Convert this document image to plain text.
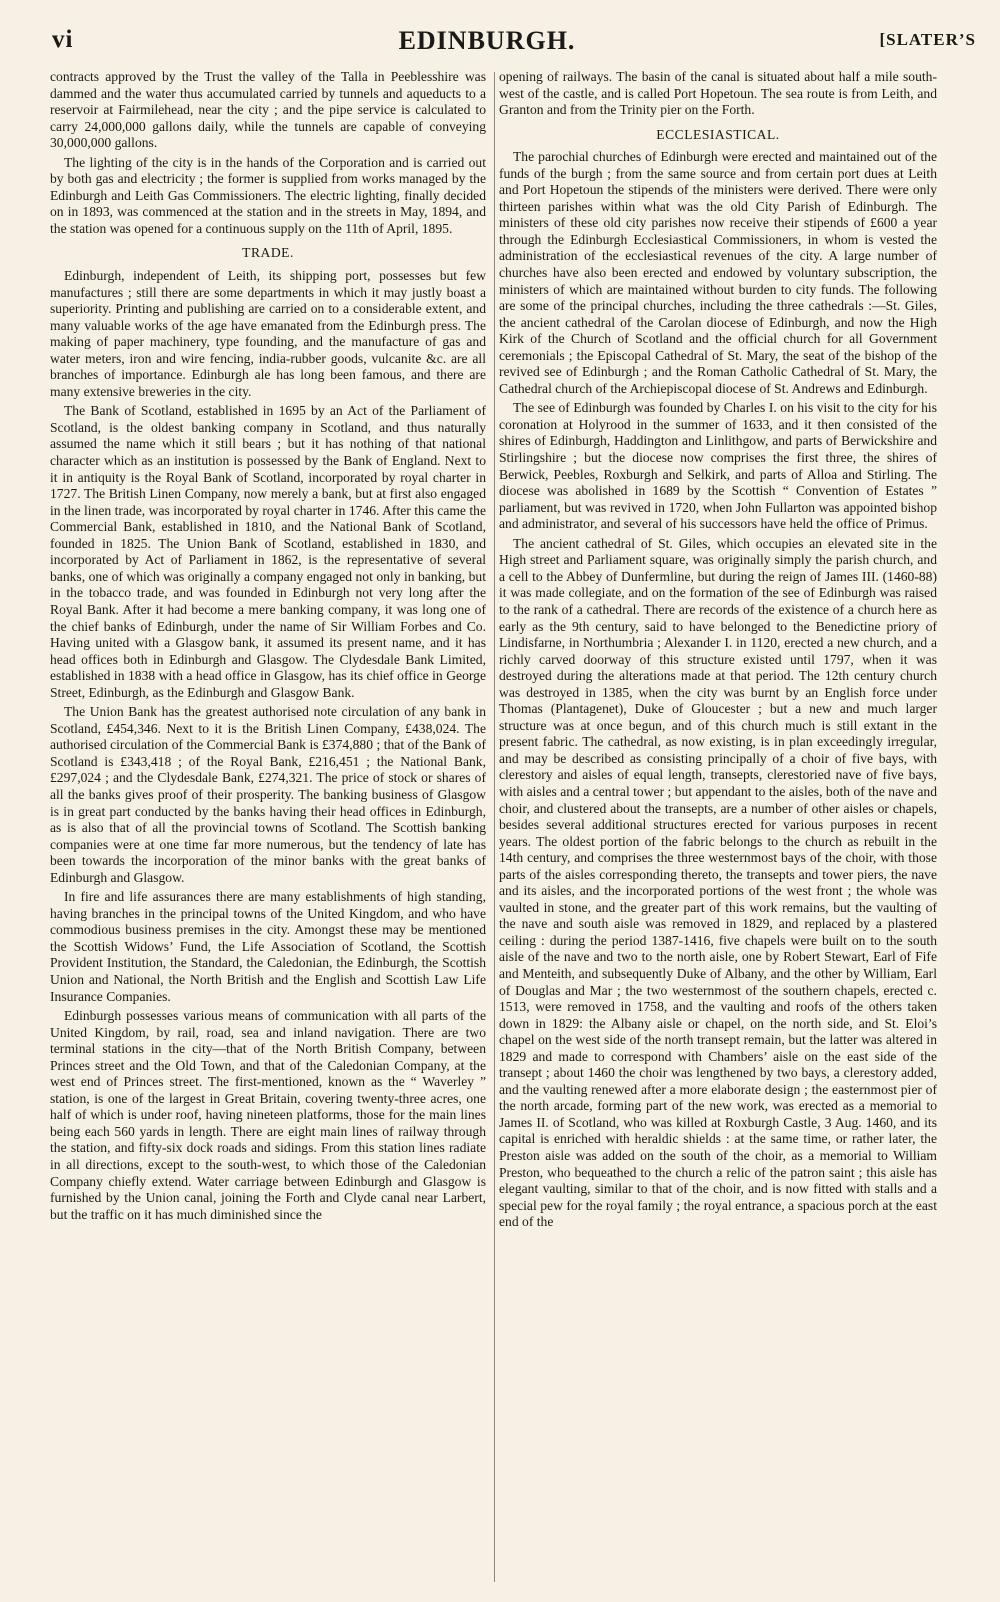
vi	EDINBURGH.	[SLATER’S

contracts approved by the Trust the valley of the Talla in Peeblesshire was dammed and the water thus accumulated carried by tunnels and aqueducts to a reservoir at Fairmilehead, near the city ; and the pipe service is calculated to carry 24,000,000 gallons daily, while the tunnels are capable of conveying 30,000,000 gallons.

The lighting of the city is in the hands of the Corporation and is carried out by both gas and electricity ; the former is supplied from works managed by the Edinburgh and Leith Gas Commissioners. The electric lighting, finally decided on in 1893, was commenced at the station and in the streets in May, 1894, and the station was opened for a continuous supply on the 11th of April, 1895.

TRADE.

Edinburgh, independent of Leith, its shipping port, possesses but few manufactures ; still there are some departments in which it may justly boast a superiority. Printing and publishing are carried on to a considerable extent, and many valuable works of the age have emanated from the Edinburgh press. The making of paper machinery, type founding, and the manufacture of gas and water meters, iron and wire fencing, india-rubber goods, vulcanite &c. are all branches of importance. Edinburgh ale has long been famous, and there are many extensive breweries in the city.

The Bank of Scotland, established in 1695 by an Act of the Parliament of Scotland, is the oldest banking company in Scotland, and thus naturally assumed the name which it still bears ; but it has nothing of that national character which as an institution is possessed by the Bank of England. Next to it in antiquity is the Royal Bank of Scotland, incorporated by royal charter in 1727. The British Linen Company, now merely a bank, but at first also engaged in the linen trade, was incorporated by royal charter in 1746. After this came the Commercial Bank, established in 1810, and the National Bank of Scotland, founded in 1825. The Union Bank of Scotland, established in 1830, and incorporated by Act of Parliament in 1862, is the representative of several banks, one of which was originally a company engaged not only in banking, but in the tobacco trade, and was founded in Edinburgh not very long after the Royal Bank. After it had become a mere banking company, it was long one of the chief banks of Edinburgh, under the name of Sir William Forbes and Co. Having united with a Glasgow bank, it assumed its present name, and it has head offices both in Edinburgh and Glasgow. The Clydesdale Bank Limited, established in 1838 with a head office in Glasgow, has its chief office in George Street, Edinburgh, as the Edinburgh and Glasgow Bank.

The Union Bank has the greatest authorised note circulation of any bank in Scotland, £454,346. Next to it is the British Linen Company, £438,024. The authorised circulation of the Commercial Bank is £374,880 ; that of the Bank of Scotland is £343,418 ; of the Royal Bank, £216,451 ; the National Bank, £297,024 ; and the Clydesdale Bank, £274,321. The price of stock or shares of all the banks gives proof of their prosperity. The banking business of Glasgow is in great part conducted by the banks having their head offices in Edinburgh, as is also that of all the provincial towns of Scotland. The Scottish banking companies were at one time far more numerous, but the tendency of late has been towards the incorporation of the minor banks with the great banks of Edinburgh and Glasgow.

In fire and life assurances there are many establishments of high standing, having branches in the principal towns of the United Kingdom, and who have commodious business premises in the city. Amongst these may be mentioned the Scottish Widows’ Fund, the Life Association of Scotland, the Scottish Provident Institution, the Standard, the Caledonian, the Edinburgh, the Scottish Union and National, the North British and the English and Scottish Law Life Insurance Companies.

Edinburgh possesses various means of communication with all parts of the United Kingdom, by rail, road, sea and inland navigation. There are two terminal stations in the city—that of the North British Company, between Princes street and the Old Town, and that of the Caledonian Company, at the west end of Princes street. The first-mentioned, known as the “ Waverley ” station, is one of the largest in Great Britain, covering twenty-three acres, one half of which is under roof, having nineteen platforms, those for the main lines being each 560 yards in length. There are eight main lines of railway through the station, and fifty-six dock roads and sidings. From this station lines radiate in all directions, except to the south-west, to which those of the Caledonian Company chiefly extend. Water carriage between Edinburgh and Glasgow is furnished by the Union canal, joining the Forth and Clyde canal near Larbert, but the traffic on it has much diminished since the

opening of railways. The basin of the canal is situated about half a mile south-west of the castle, and is called Port Hopetoun. The sea route is from Leith, and Granton and from the Trinity pier on the Forth.

ECCLESIASTICAL.

The parochial churches of Edinburgh were erected and maintained out of the funds of the burgh ; from the same source and from certain port dues at Leith and Port Hopetoun the stipends of the ministers were derived. There were only thirteen parishes within what was the old City Parish of Edinburgh. The ministers of these old city parishes now receive their stipends of £600 a year through the Edinburgh Ecclesiastical Commissioners, in whom is vested the administration of the ecclesiastical revenues of the city. A large number of churches have also been erected and endowed by voluntary subscription, the ministers of which are maintained without burden to city funds. The following are some of the principal churches, including the three cathedrals :—St. Giles, the ancient cathedral of the Carolan diocese of Edinburgh, and now the High Kirk of the Church of Scotland and the official church for all Government ceremonials ; the Episcopal Cathedral of St. Mary, the seat of the bishop of the revived see of Edinburgh ; and the Roman Catholic Cathedral of St. Mary, the Cathedral church of the Archiepiscopal diocese of St. Andrews and Edinburgh.

The see of Edinburgh was founded by Charles I. on his visit to the city for his coronation at Holyrood in the summer of 1633, and it then consisted of the shires of Edinburgh, Haddington and Linlithgow, and parts of Berwickshire and Stirlingshire ; but the diocese now comprises the first three, the shires of Berwick, Peebles, Roxburgh and Selkirk, and parts of Alloa and Stirling. The diocese was abolished in 1689 by the Scottish “ Convention of Estates ” parliament, but was revived in 1720, when John Fullarton was appointed bishop and administrator, and several of his successors have held the office of Primus.

The ancient cathedral of St. Giles, which occupies an elevated site in the High street and Parliament square, was originally simply the parish church, and a cell to the Abbey of Dunfermline, but during the reign of James III. (1460-88) it was made collegiate, and on the formation of the see of Edinburgh was raised to the rank of a cathedral. There are records of the existence of a church here as early as the 9th century, said to have belonged to the Benedictine priory of Lindisfarne, in Northumbria ; Alexander I. in 1120, erected a new church, and a richly carved doorway of this structure existed until 1797, when it was destroyed during the alterations made at that period. The 12th century church was destroyed in 1385, when the city was burnt by an English force under Thomas (Plantagenet), Duke of Gloucester ; but a new and much larger structure was at once begun, and of this church much is still extant in the present fabric. The cathedral, as now existing, is in plan exceedingly irregular, and may be described as consisting principally of a choir of five bays, with clerestory and aisles of equal length, transepts, clerestoried nave of five bays, with aisles and a central tower ; but appendant to the aisles, both of the nave and choir, and clustered about the transepts, are a number of other aisles or chapels, besides several additional structures erected for various purposes in recent years. The oldest portion of the fabric belongs to the church as rebuilt in the 14th century, and comprises the three westernmost bays of the choir, with those parts of the aisles corresponding thereto, the transepts and tower piers, the nave and its aisles, and the incorporated portions of the west front ; the whole was vaulted in stone, and the greater part of this work remains, but the vaulting of the nave and south aisle was removed in 1829, and replaced by a plastered ceiling : during the period 1387-1416, five chapels were built on to the south aisle of the nave and two to the north aisle, one by Robert Stewart, Earl of Fife and Menteith, and subsequently Duke of Albany, and the other by William, Earl of Douglas and Mar ; the two westernmost of the southern chapels, erected c. 1513, were removed in 1758, and the vaulting and roofs of the others taken down in 1829: the Albany aisle or chapel, on the north side, and St. Eloi’s chapel on the west side of the north transept remain, but the latter was altered in 1829 and made to correspond with Chambers’ aisle on the east side of the transept ; about 1460 the choir was lengthened by two bays, a clerestory added, and the vaulting renewed after a more elaborate design ; the easternmost pier of the north arcade, forming part of the new work, was erected as a memorial to James II. of Scotland, who was killed at Roxburgh Castle, 3 Aug. 1460, and its capital is enriched with heraldic shields : at the same time, or rather later, the Preston aisle was added on the south of the choir, as a memorial to William Preston, who bequeathed to the church a relic of the patron saint ; this aisle has elegant vaulting, similar to that of the choir, and is now fitted with stalls and a special pew for the royal family ; the royal entrance, a spacious porch at the east end of the
